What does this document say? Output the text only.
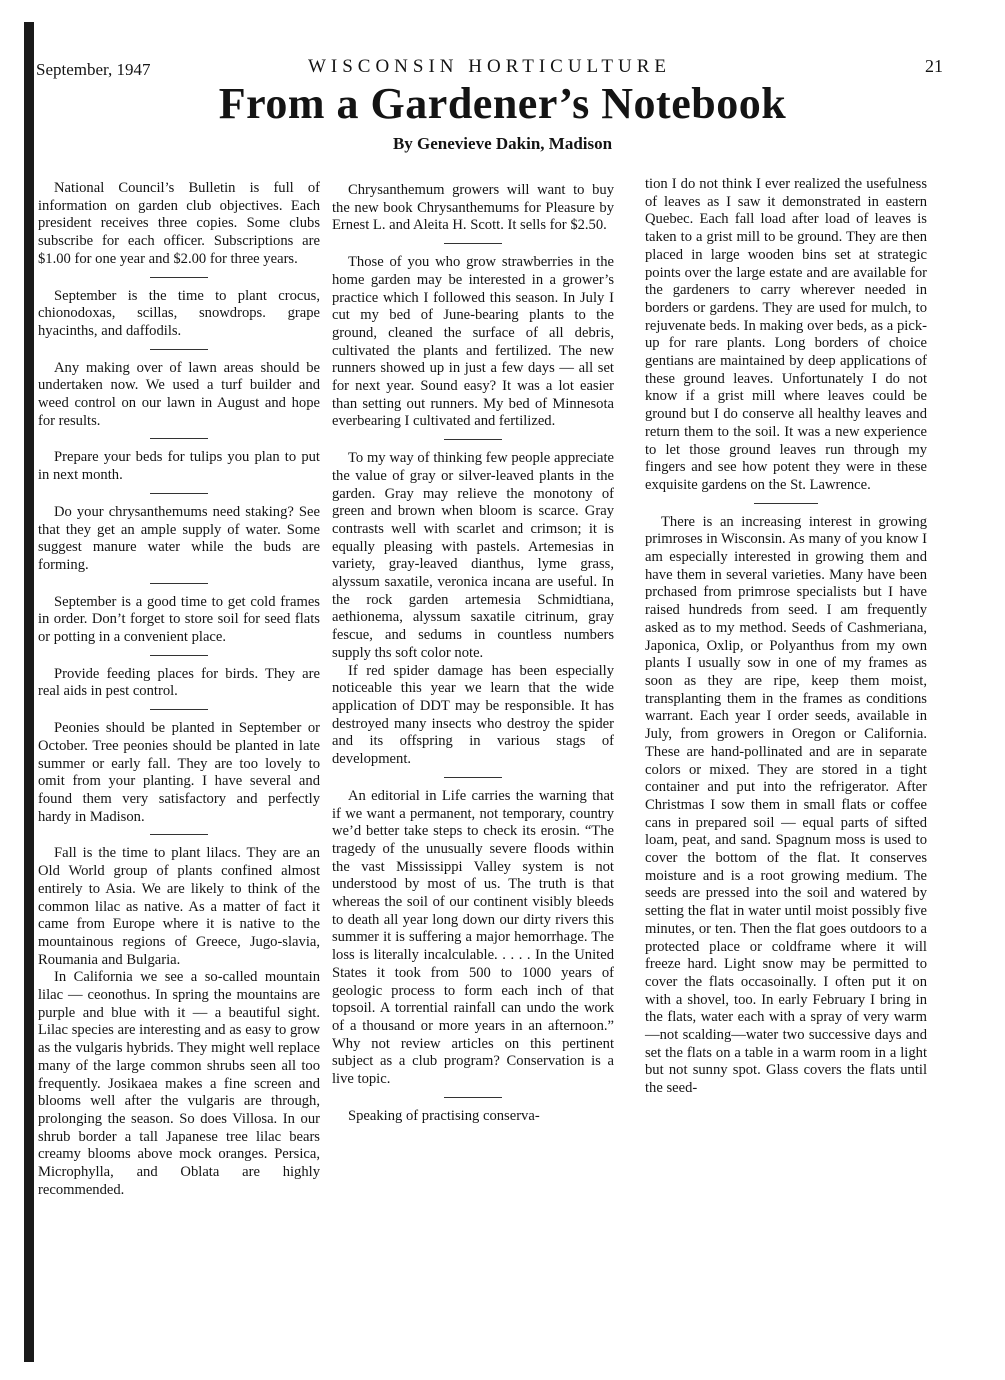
September, 1947	WISCONSIN HORTICULTURE	21
From a Gardener’s Notebook

By Genevieve Dakin, Madison

National Council’s Bulletin is full of information on garden club objectives. Each president receives three copies. Some clubs subscribe for each officer. Subscriptions are $1.00 for one year and $2.00 for three years.

September is the time to plant crocus, chionodoxas, scillas, snowdrops. grape hyacinths, and daffodils.

Any making over of lawn areas should be undertaken now. We used a turf builder and weed control on our lawn in August and hope for results.

Prepare your beds for tulips you plan to put in next month.

Do your chrysanthemums need staking? See that they get an ample supply of water. Some suggest manure water while the buds are forming.

September is a good time to get cold frames in order. Don’t forget to store soil for seed flats or potting in a convenient place.

Provide feeding places for birds. They are real aids in pest control.

Peonies should be planted in September or October. Tree peonies should be planted in late summer or early fall. They are too lovely to omit from your planting. I have several and found them very satisfactory and perfectly hardy in Madison.

Fall is the time to plant lilacs. They are an Old World group of plants confined almost entirely to Asia. We are likely to think of the common lilac as native. As a matter of fact it came from Europe where it is native to the mountainous regions of Greece, Jugo-slavia, Roumania and Bulgaria.

In California we see a so-called mountain lilac — ceonothus. In spring the mountains are purple and blue with it — a beautiful sight. Lilac species are interesting and as easy to grow as the vulgaris hybrids. They might well replace many of the large common shrubs seen all too frequently. Josikaea makes a fine screen and blooms well after the vulgaris are through, prolonging the season. So does Villosa. In our shrub border a tall Japanese tree lilac bears creamy blooms above mock oranges. Persica, Microphylla, and Oblata are highly recommended.

Chrysanthemum growers will want to buy the new book Chrysanthemums for Pleasure by Ernest L. and Aleita H. Scott. It sells for $2.50.

Those of you who grow strawberries in the home garden may be interested in a grower’s practice which I followed this season. In July I cut my bed of June-bearing plants to the ground, cleaned the surface of all debris, cultivated the plants and fertilized. The new runners showed up in just a few days — all set for next year. Sound easy? It was a lot easier than setting out runners. My bed of Minnesota everbearing I cultivated and fertilized.

To my way of thinking few people appreciate the value of gray or silver-leaved plants in the garden. Gray may relieve the monotony of green and brown when bloom is scarce. Gray contrasts well with scarlet and crimson; it is equally pleasing with pastels. Artemesias in variety, gray-leaved dianthus, lyme grass, alyssum saxatile, veronica incana are useful. In the rock garden artemesia Schmidtiana, aethionema, alyssum saxatile citrinum, gray fescue, and sedums in countless numbers supply ths soft color note.

If red spider damage has been especially noticeable this year we learn that the wide application of DDT may be responsible. It has destroyed many insects who destroy the spider and its offspring in various stags of development.

An editorial in Life carries the warning that if we want a permanent, not temporary, country we’d better take steps to check its erosin. “The tragedy of the unusually severe floods within the vast Mississippi Valley system is not understood by most of us. The truth is that whereas the soil of our continent visibly bleeds to death all year long down our dirty rivers this summer it is suffering a major hemorrhage. The loss is literally incalculable. . . . . In the United States it took from 500 to 1000 years of geologic process to form each inch of that topsoil. A torrential rainfall can undo the work of a thousand or more years in an afternoon.” Why not review articles on this pertinent subject as a club program? Conservation is a live topic.

Speaking of practising conserva-

tion I do not think I ever realized the usefulness of leaves as I saw it demonstrated in eastern Quebec. Each fall load after load of leaves is taken to a grist mill to be ground. They are then placed in large wooden bins set at strategic points over the large estate and are available for the gardeners to carry wherever needed in borders or gardens. They are used for mulch, to rejuvenate beds. In making over beds, as a pick-up for rare plants. Long borders of choice gentians are maintained by deep applications of these ground leaves. Unfortunately I do not know if a grist mill where leaves could be ground but I do conserve all healthy leaves and return them to the soil. It was a new experience to let those ground leaves run through my fingers and see how potent they were in these exquisite gardens on the St. Lawrence.

There is an increasing interest in growing primroses in Wisconsin. As many of you know I am especially interested in growing them and have them in several varieties. Many have been prchased from primrose specialists but I have raised hundreds from seed. I am frequently asked as to my method. Seeds of Cashmeriana, Japonica, Oxlip, or Polyanthus from my own plants I usually sow in one of my frames as soon as they are ripe, keep them moist, transplanting them in the frames as conditions warrant. Each year I order seeds, available in July, from growers in Oregon or California. These are hand-pollinated and are in separate colors or mixed. They are stored in a tight container and put into the refrigerator. After Christmas I sow them in small flats or coffee cans in prepared soil — equal parts of sifted loam, peat, and sand. Spagnum moss is used to cover the bottom of the flat. It conserves moisture and is a root growing medium. The seeds are pressed into the soil and watered by setting the flat in water until moist possibly five minutes, or ten. Then the flat goes outdoors to a protected place or coldframe where it will freeze hard. Light snow may be permitted to cover the flats occasoinally. I often put it on with a shovel, too. In early February I bring in the flats, water each with a spray of very warm—not scalding—water two successive days and set the flats on a table in a warm room in a light but not sunny spot. Glass covers the flats until the seed-
